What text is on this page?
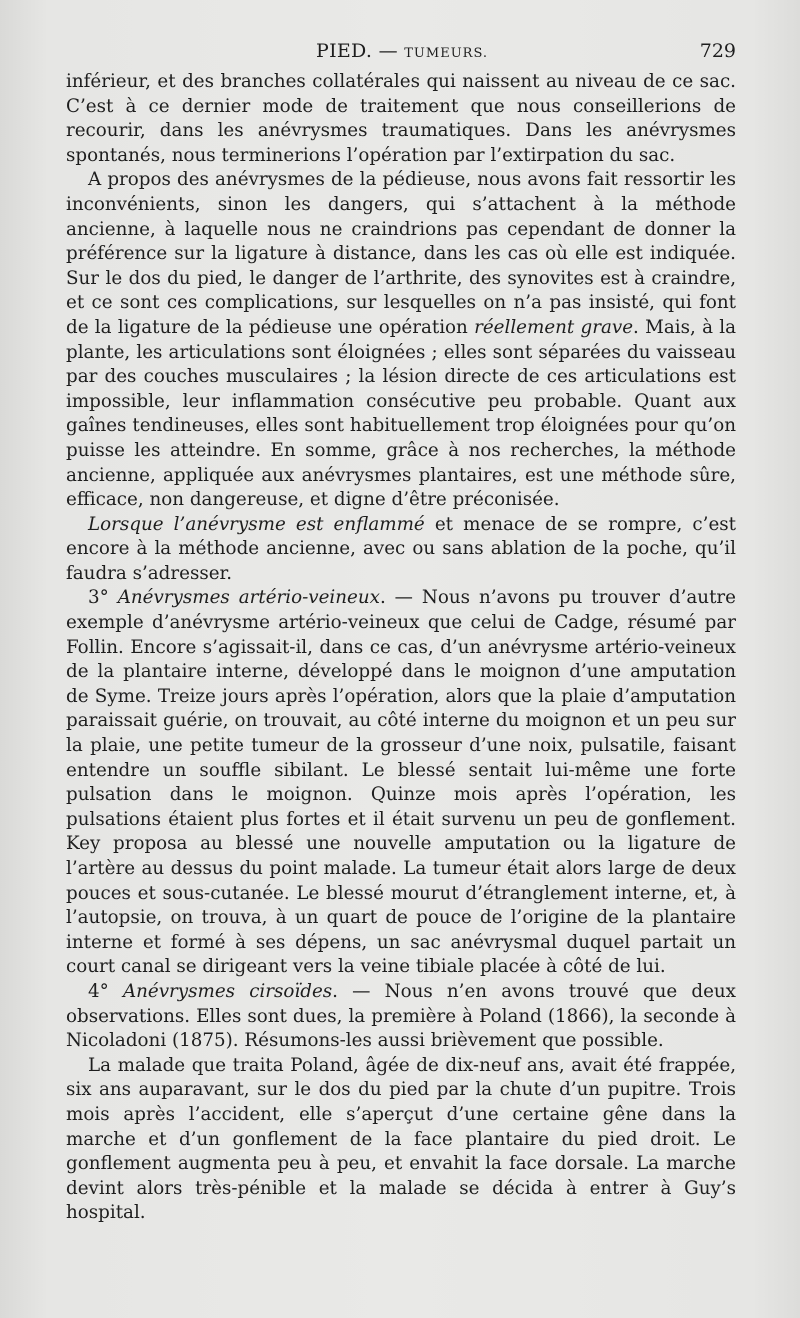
PIED. — TUMEURS.	729

inférieur, et des branches collatérales qui naissent au niveau de ce sac. C’est à ce dernier mode de traitement que nous conseillerions de recourir, dans les anévrysmes traumatiques. Dans les anévrysmes spontanés, nous terminerions l’opération par l’extirpation du sac.

A propos des anévrysmes de la pédieuse, nous avons fait ressortir les inconvénients, sinon les dangers, qui s’attachent à la méthode ancienne, à laquelle nous ne craindrions pas cependant de donner la préférence sur la ligature à distance, dans les cas où elle est indiquée. Sur le dos du pied, le danger de l’arthrite, des synovites est à craindre, et ce sont ces complications, sur lesquelles on n’a pas insisté, qui font de la ligature de la pédieuse une opération réellement grave. Mais, à la plante, les articulations sont éloignées ; elles sont séparées du vaisseau par des couches musculaires ; la lésion directe de ces articulations est impossible, leur inflammation consécutive peu probable. Quant aux gaînes tendineuses, elles sont habituellement trop éloignées pour qu’on puisse les atteindre. En somme, grâce à nos recherches, la méthode ancienne, appliquée aux anévrysmes plantaires, est une méthode sûre, efficace, non dangereuse, et digne d’être préconisée.

Lorsque l’anévrysme est enflammé et menace de se rompre, c’est encore à la méthode ancienne, avec ou sans ablation de la poche, qu’il faudra s’adresser.

3° Anévrysmes artério-veineux. — Nous n’avons pu trouver d’autre exemple d’anévrysme artério-veineux que celui de Cadge, résumé par Follin. Encore s’agissait-il, dans ce cas, d’un anévrysme artério-veineux de la plantaire interne, développé dans le moignon d’une amputation de Syme. Treize jours après l’opération, alors que la plaie d’amputation paraissait guérie, on trouvait, au côté interne du moignon et un peu sur la plaie, une petite tumeur de la grosseur d’une noix, pulsatile, faisant entendre un souffle sibilant. Le blessé sentait lui-même une forte pulsation dans le moignon. Quinze mois après l’opération, les pulsations étaient plus fortes et il était survenu un peu de gonflement. Key proposa au blessé une nouvelle amputation ou la ligature de l’artère au dessus du point malade. La tumeur était alors large de deux pouces et sous-cutanée. Le blessé mourut d’étranglement interne, et, à l’autopsie, on trouva, à un quart de pouce de l’origine de la plantaire interne et formé à ses dépens, un sac anévrysmal duquel partait un court canal se dirigeant vers la veine tibiale placée à côté de lui.

4° Anévrysmes cirsoïdes. — Nous n’en avons trouvé que deux observations. Elles sont dues, la première à Poland (1866), la seconde à Nicoladoni (1875). Résumons-les aussi brièvement que possible.

La malade que traita Poland, âgée de dix-neuf ans, avait été frappée, six ans auparavant, sur le dos du pied par la chute d’un pupitre. Trois mois après l’accident, elle s’aperçut d’une certaine gêne dans la marche et d’un gonflement de la face plantaire du pied droit. Le gonflement augmenta peu à peu, et envahit la face dorsale. La marche devint alors très-pénible et la malade se décida à entrer à Guy’s hospital.
